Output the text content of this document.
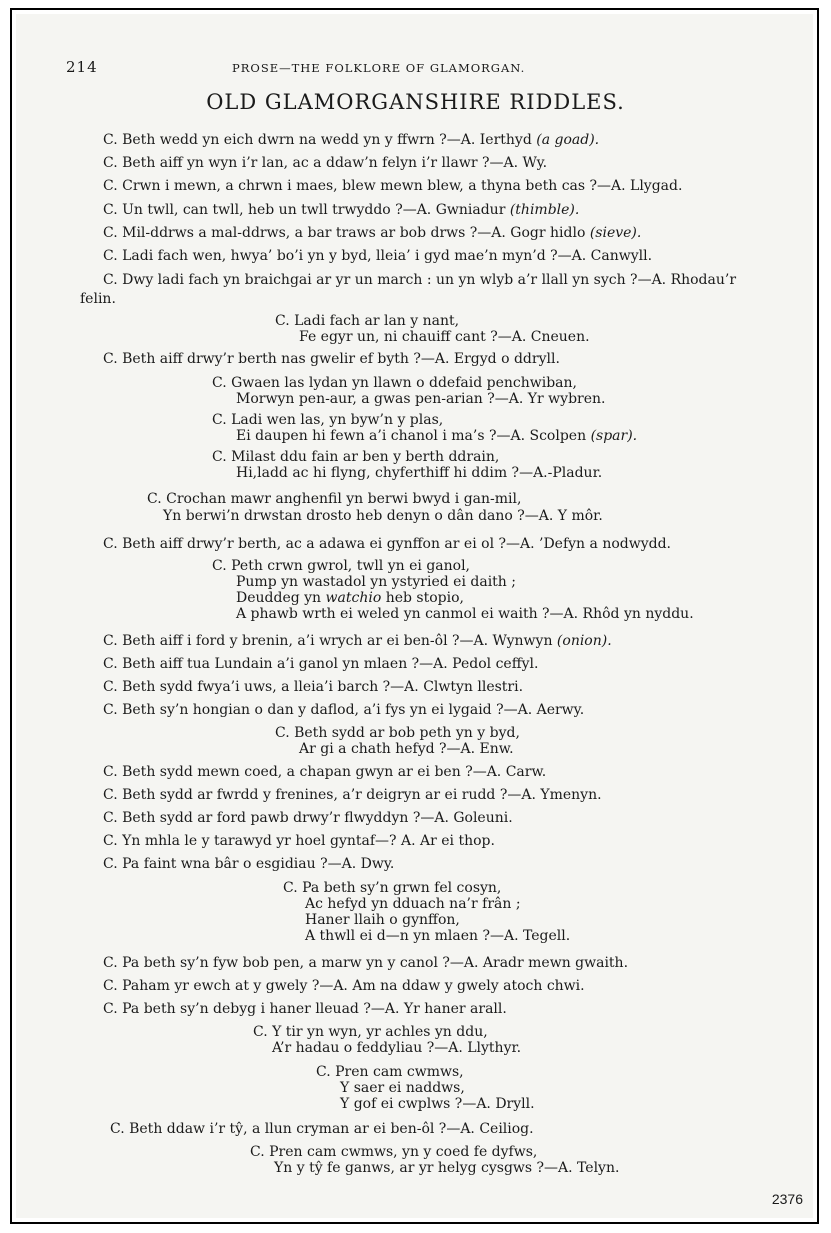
214	PROSE—THE FOLKLORE OF GLAMORGAN.
OLD GLAMORGANSHIRE RIDDLES.
C. Beth wedd yn eich dwrn na wedd yn y ffwrn ?—A. Ierthyd (a goad).
C. Beth aiff yn wyn i’r lan, ac a ddaw’n felyn i’r llawr ?—A. Wy.
C. Crwn i mewn, a chrwn i maes, blew mewn blew, a thyna beth cas ?—A. Llygad.
C. Un twll, can twll, heb un twll trwyddo ?—A. Gwniadur (thimble).
C. Mil-ddrws a mal-ddrws, a bar traws ar bob drws ?—A. Gogr hidlo (sieve).
C. Ladi fach wen, hwya’ bo’i yn y byd, lleia’ i gyd mae’n myn’d ?—A. Canwyll.
C. Dwy ladi fach yn braichgai ar yr un march : un yn wlyb a’r llall yn sych ?—A. Rhodau’r
felin.
C. Ladi fach ar lan y nant,
Fe egyr un, ni chauiff cant ?—A. Cneuen.
C. Beth aiff drwy’r berth nas gwelir ef byth ?—A. Ergyd o ddryll.
C. Gwaen las lydan yn llawn o ddefaid penchwiban,
Morwyn pen-aur, a gwas pen-arian ?—A. Yr wybren.
C. Ladi wen las, yn byw’n y plas,
Ei daupen hi fewn a’i chanol i ma’s ?—A. Scolpen (spar).
C. Milast ddu fain ar ben y berth ddrain,
Hi,ladd ac hi flyng, chyferthiff hi ddim ?—A.-Pladur.
C. Crochan mawr anghenfil yn berwi bwyd i gan-mil,
Yn berwi’n drwstan drosto heb denyn o dân dano ?—A. Y môr.
C. Beth aiff drwy’r berth, ac a adawa ei gynffon ar ei ol ?—A. ’Defyn a nodwydd.
C. Peth crwn gwrol, twll yn ei ganol,
Pump yn wastadol yn ystyried ei daith ;
Deuddeg yn watchio heb stopio,
A phawb wrth ei weled yn canmol ei waith ?—A. Rhôd yn nyddu.
C. Beth aiff i ford y brenin, a’i wrych ar ei ben-ôl ?—A. Wynwyn (onion).
C. Beth aiff tua Lundain a’i ganol yn mlaen ?—A. Pedol ceffyl.
C. Beth sydd fwya’i uws, a lleia’i barch ?—A. Clwtyn llestri.
C. Beth sy’n hongian o dan y daflod, a’i fys yn ei lygaid ?—A. Aerwy.
C. Beth sydd ar bob peth yn y byd,
Ar gi a chath hefyd ?—A. Enw.
C. Beth sydd mewn coed, a chapan gwyn ar ei ben ?—A. Carw.
C. Beth sydd ar fwrdd y frenines, a’r deigryn ar ei rudd ?—A. Ymenyn.
C. Beth sydd ar ford pawb drwy’r flwyddyn ?—A. Goleuni.
C. Yn mhla le y tarawyd yr hoel gyntaf—? A. Ar ei thop.
C. Pa faint wna bâr o esgidiau ?—A. Dwy.
C. Pa beth sy’n grwn fel cosyn,
Ac hefyd yn dduach na’r frân ;
Haner llaih o gynffon,
A thwll ei d—n yn mlaen ?—A. Tegell.
C. Pa beth sy’n fyw bob pen, a marw yn y canol ?—A. Aradr mewn gwaith.
C. Paham yr ewch at y gwely ?—A. Am na ddaw y gwely atoch chwi.
C. Pa beth sy’n debyg i haner lleuad ?—A. Yr haner arall.
C. Y tir yn wyn, yr achles yn ddu,
A’r hadau o feddyliau ?—A. Llythyr.
C. Pren cam cwmws,
Y saer ei naddws,
Y gof ei cwplws ?—A. Dryll.
C. Beth ddaw i’r tŷ, a llun cryman ar ei ben-ôl ?—A. Ceiliog.
C. Pren cam cwmws, yn y coed fe dyfws,
Yn y tŷ fe ganws, ar yr helyg cysgws ?—A. Telyn.
2376
